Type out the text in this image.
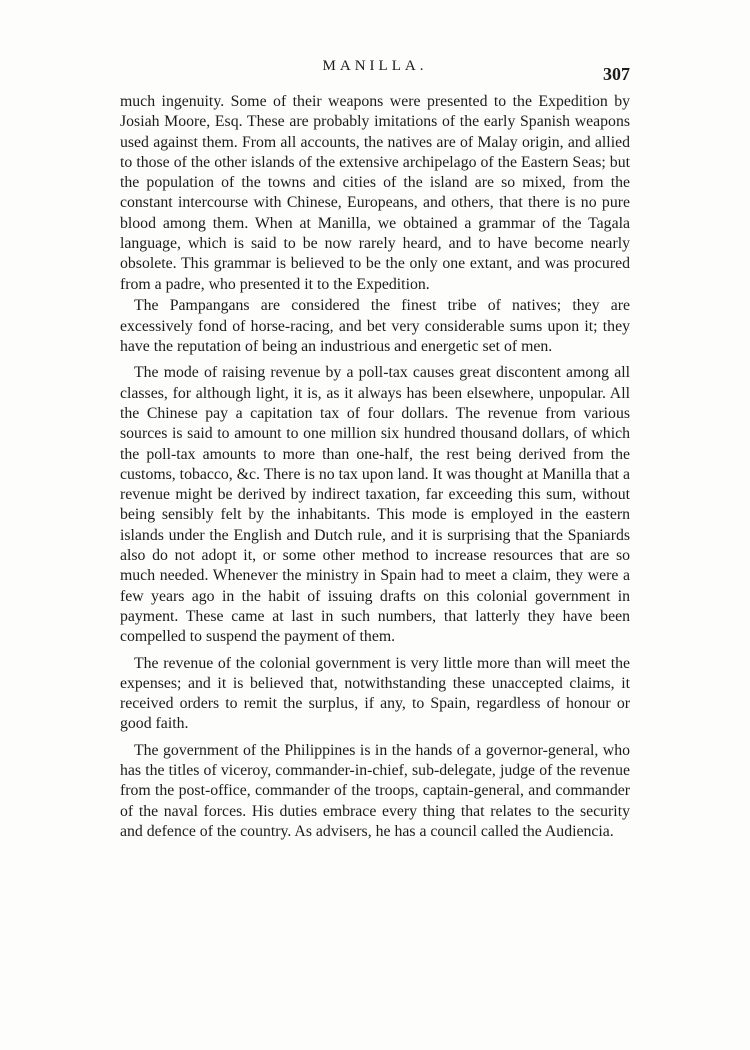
MANILLA.	307

much ingenuity. Some of their weapons were presented to the Expedition by Josiah Moore, Esq. These are probably imitations of the early Spanish weapons used against them. From all accounts, the natives are of Malay origin, and allied to those of the other islands of the extensive archipelago of the Eastern Seas; but the population of the towns and cities of the island are so mixed, from the constant intercourse with Chinese, Europeans, and others, that there is no pure blood among them. When at Manilla, we obtained a grammar of the Tagala language, which is said to be now rarely heard, and to have become nearly obsolete. This grammar is believed to be the only one extant, and was procured from a padre, who presented it to the Expedition.

The Pampangans are considered the finest tribe of natives; they are excessively fond of horse-racing, and bet very considerable sums upon it; they have the reputation of being an industrious and energetic set of men.

The mode of raising revenue by a poll-tax causes great discontent among all classes, for although light, it is, as it always has been elsewhere, unpopular. All the Chinese pay a capitation tax of four dollars. The revenue from various sources is said to amount to one million six hundred thousand dollars, of which the poll-tax amounts to more than one-half, the rest being derived from the customs, tobacco, &c. There is no tax upon land. It was thought at Manilla that a revenue might be derived by indirect taxation, far exceeding this sum, without being sensibly felt by the inhabitants. This mode is employed in the eastern islands under the English and Dutch rule, and it is surprising that the Spaniards also do not adopt it, or some other method to increase resources that are so much needed. Whenever the ministry in Spain had to meet a claim, they were a few years ago in the habit of issuing drafts on this colonial government in payment. These came at last in such numbers, that latterly they have been compelled to suspend the payment of them.

The revenue of the colonial government is very little more than will meet the expenses; and it is believed that, notwithstanding these unaccepted claims, it received orders to remit the surplus, if any, to Spain, regardless of honour or good faith.

The government of the Philippines is in the hands of a governor-general, who has the titles of viceroy, commander-in-chief, sub-delegate, judge of the revenue from the post-office, commander of the troops, captain-general, and commander of the naval forces. His duties embrace every thing that relates to the security and defence of the country. As advisers, he has a council called the Audiencia.
